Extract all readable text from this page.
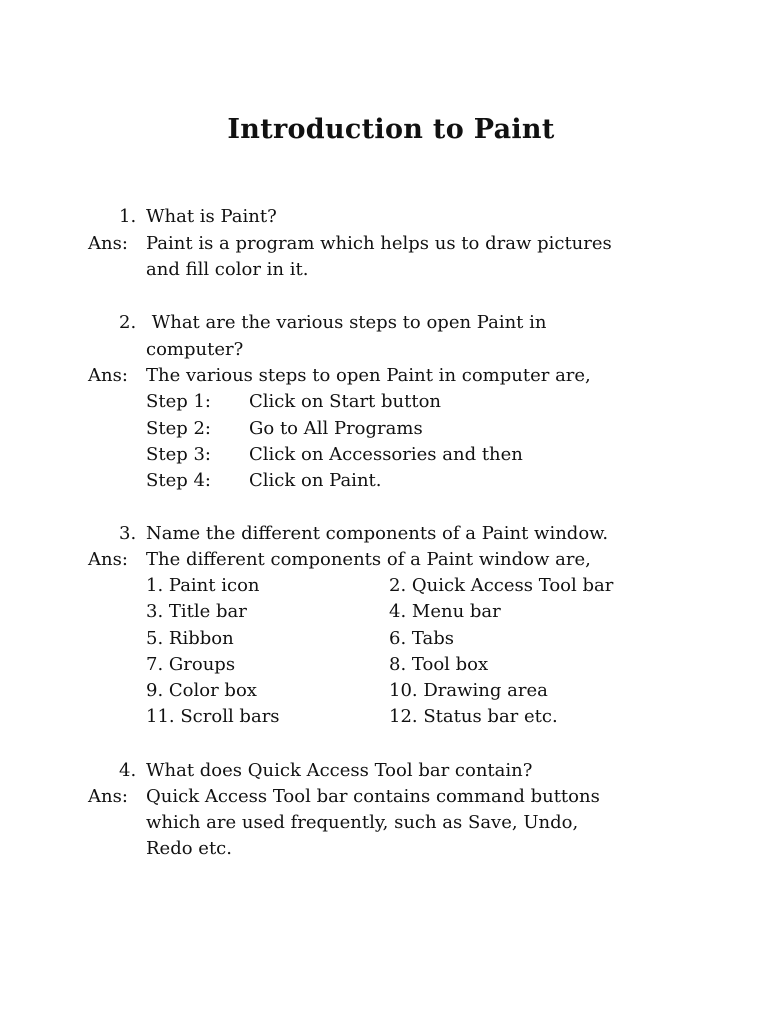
Introduction to Paint
1. What is Paint?
Ans: Paint is a program which helps us to draw pictures
and fill color in it.
2. What are the various steps to open Paint in
computer?
Ans: The various steps to open Paint in computer are,
Step 1: Click on Start button
Step 2: Go to All Programs
Step 3: Click on Accessories and then
Step 4: Click on Paint.
3. Name the different components of a Paint window.
Ans: The different components of a Paint window are,
1. Paint icon	2. Quick Access Tool bar
3. Title bar	4. Menu bar
5. Ribbon	6. Tabs
7. Groups	8. Tool box
9. Color box	10. Drawing area
11. Scroll bars	12. Status bar etc.
4. What does Quick Access Tool bar contain?
Ans: Quick Access Tool bar contains command buttons
which are used frequently, such as Save, Undo,
Redo etc.
